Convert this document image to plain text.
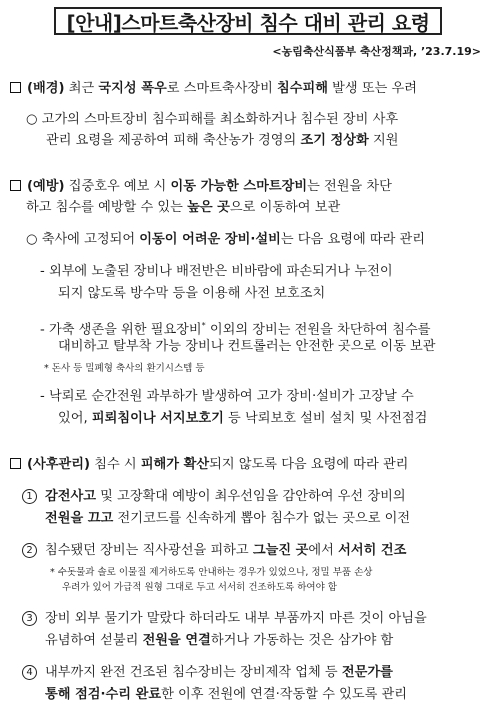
[안내]스마트축산장비 침수 대비 관리 요령
<농림축산식품부 축산정책과, ’23.7.19>
(배경) 최근 국지성 폭우로 스마트축사장비 침수피해 발생 또는 우려
○ 고가의 스마트장비 침수피해를 최소화하거나 침수된 장비 사후
관리 요령을 제공하여 피해 축산농가 경영의 조기 정상화 지원
(예방) 집중호우 예보 시 이동 가능한 스마트장비는 전원을 차단
하고 침수를 예방할 수 있는 높은 곳으로 이동하여 보관
○ 축사에 고정되어 이동이 어려운 장비·설비는 다음 요령에 따라 관리
- 외부에 노출된 장비나 배전반은 비바람에 파손되거나 누전이
되지 않도록 방수막 등을 이용해 사전 보호조치
- 가축 생존을 위한 필요장비* 이외의 장비는 전원을 차단하여 침수를
대비하고 탈부착 가능 장비나 컨트롤러는 안전한 곳으로 이동 보관
* 돈사 등 밀폐형 축사의 환기시스템 등
- 낙뢰로 순간전원 과부하가 발생하여 고가 장비·설비가 고장날 수
있어, 피뢰침이나 서지보호기 등 낙뢰보호 설비 설치 및 사전점검
(사후관리) 침수 시 피해가 확산되지 않도록 다음 요령에 따라 관리
1 감전사고 및 고장확대 예방이 최우선임을 감안하여 우선 장비의
전원을 끄고 전기코드를 신속하게 뽑아 침수가 없는 곳으로 이전
2 침수됐던 장비는 직사광선을 피하고 그늘진 곳에서 서서히 건조
* 수돗물과 솔로 이물질 제거하도록 안내하는 경우가 있었으나, 정밀 부품 손상
우려가 있어 가급적 원형 그대로 두고 서서히 건조하도록 하여야 함
3 장비 외부 물기가 말랐다 하더라도 내부 부품까지 마른 것이 아님을
유념하여 섣불리 전원을 연결하거나 가동하는 것은 삼가야 함
4 내부까지 완전 건조된 침수장비는 장비제작 업체 등 전문가를
통해 점검·수리 완료한 이후 전원에 연결·작동할 수 있도록 관리
